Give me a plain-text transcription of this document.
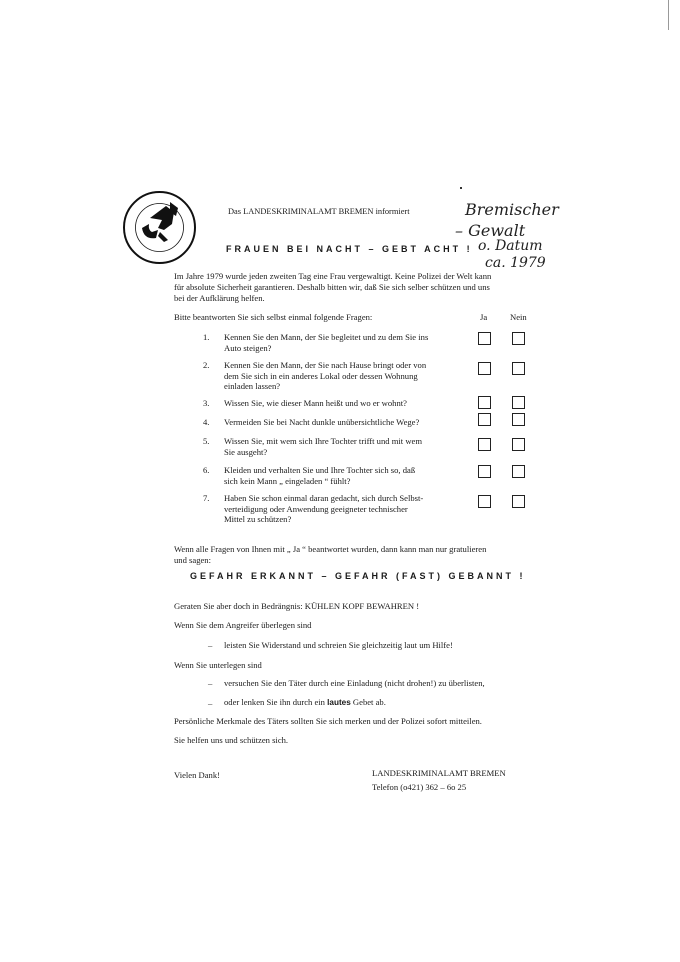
Das LANDESKRIMINALAMT BREMEN informiert
FRAUEN BEI NACHT – GEBT ACHT !
Bremischer
– Gewalt
o. Datum
ca. 1979
Im Jahre 1979 wurde jeden zweiten Tag eine Frau vergewaltigt. Keine Polizei der Welt kann
für absolute Sicherheit garantieren. Deshalb bitten wir, daß Sie sich selber schützen und uns
bei der Aufklärung helfen.
Bitte beantworten Sie sich selbst einmal folgende Fragen:	Ja	Nein
1. Kennen Sie den Mann, der Sie begleitet und zu dem Sie ins
Auto steigen?
2. Kennen Sie den Mann, der Sie nach Hause bringt oder von
dem Sie sich in ein anderes Lokal oder dessen Wohnung
einladen lassen?
3. Wissen Sie, wie dieser Mann heißt und wo er wohnt?
4. Vermeiden Sie bei Nacht dunkle unübersichtliche Wege?
5. Wissen Sie, mit wem sich Ihre Tochter trifft und mit wem
Sie ausgeht?
6. Kleiden und verhalten Sie und Ihre Tochter sich so, daß
sich kein Mann „ eingeladen “ fühlt?
7. Haben Sie schon einmal daran gedacht, sich durch Selbst-
verteidigung oder Anwendung geeigneter technischer
Mittel zu schützen?
Wenn alle Fragen von Ihnen mit „ Ja “ beantwortet wurden, dann kann man nur gratulieren
und sagen:
GEFAHR ERKANNT – GEFAHR (FAST) GEBANNT !
Geraten Sie aber doch in Bedrängnis: KÜHLEN KOPF BEWAHREN !
Wenn Sie dem Angreifer überlegen sind
– leisten Sie Widerstand und schreien Sie gleichzeitig laut um Hilfe!
Wenn Sie unterlegen sind
– versuchen Sie den Täter durch eine Einladung (nicht drohen!) zu überlisten,
– oder lenken Sie ihn durch ein lautes Gebet ab.
Persönliche Merkmale des Täters sollten Sie sich merken und der Polizei sofort mitteilen.
Sie helfen uns und schützen sich.
Vielen Dank!	LANDESKRIMINALAMT BREMEN
Telefon (o421) 362 – 6o 25
